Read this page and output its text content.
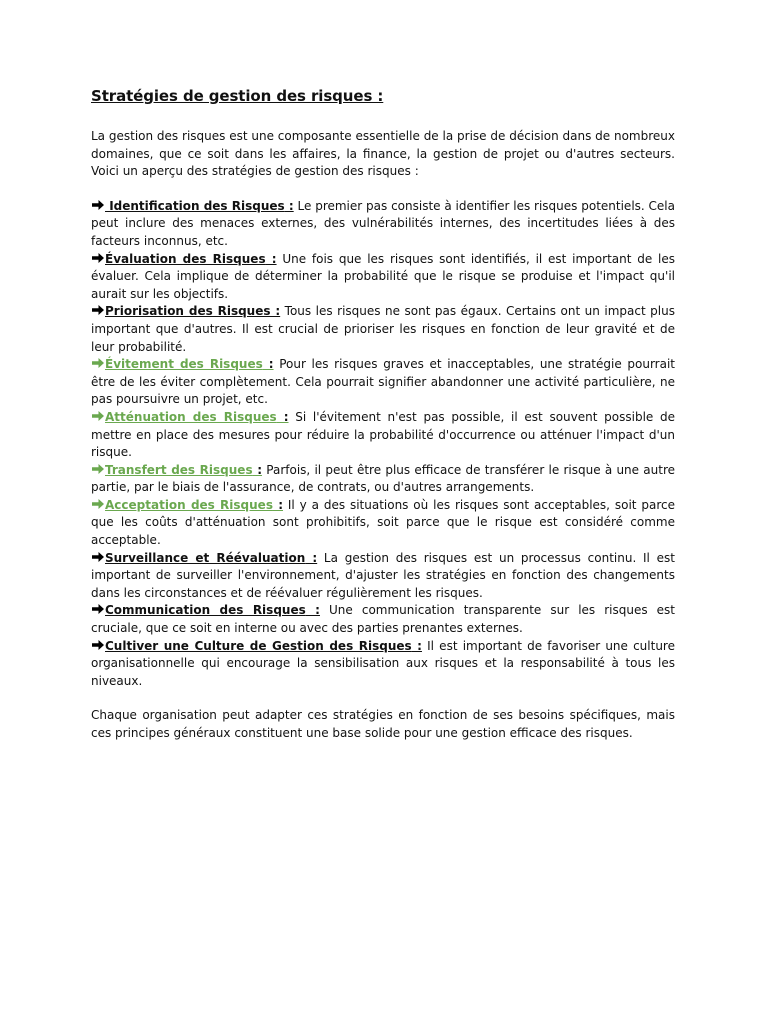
Stratégies de gestion des risques :

La gestion des risques est une composante essentielle de la prise de décision dans de nombreux domaines, que ce soit dans les affaires, la finance, la gestion de projet ou d'autres secteurs. Voici un aperçu des stratégies de gestion des risques :

Identification des Risques : Le premier pas consiste à identifier les risques potentiels. Cela peut inclure des menaces externes, des vulnérabilités internes, des incertitudes liées à des facteurs inconnus, etc.

Évaluation des Risques : Une fois que les risques sont identifiés, il est important de les évaluer. Cela implique de déterminer la probabilité que le risque se produise et l'impact qu'il aurait sur les objectifs.

Priorisation des Risques : Tous les risques ne sont pas égaux. Certains ont un impact plus important que d'autres. Il est crucial de prioriser les risques en fonction de leur gravité et de leur probabilité.

Évitement des Risques : Pour les risques graves et inacceptables, une stratégie pourrait être de les éviter complètement. Cela pourrait signifier abandonner une activité particulière, ne pas poursuivre un projet, etc.

Atténuation des Risques : Si l'évitement n'est pas possible, il est souvent possible de mettre en place des mesures pour réduire la probabilité d'occurrence ou atténuer l'impact d'un risque.

Transfert des Risques : Parfois, il peut être plus efficace de transférer le risque à une autre partie, par le biais de l'assurance, de contrats, ou d'autres arrangements.

Acceptation des Risques : Il y a des situations où les risques sont acceptables, soit parce que les coûts d'atténuation sont prohibitifs, soit parce que le risque est considéré comme acceptable.

Surveillance et Réévaluation : La gestion des risques est un processus continu. Il est important de surveiller l'environnement, d'ajuster les stratégies en fonction des changements dans les circonstances et de réévaluer régulièrement les risques.

Communication des Risques : Une communication transparente sur les risques est cruciale, que ce soit en interne ou avec des parties prenantes externes.

Cultiver une Culture de Gestion des Risques : Il est important de favoriser une culture organisationnelle qui encourage la sensibilisation aux risques et la responsabilité à tous les niveaux.

Chaque organisation peut adapter ces stratégies en fonction de ses besoins spécifiques, mais ces principes généraux constituent une base solide pour une gestion efficace des risques.
